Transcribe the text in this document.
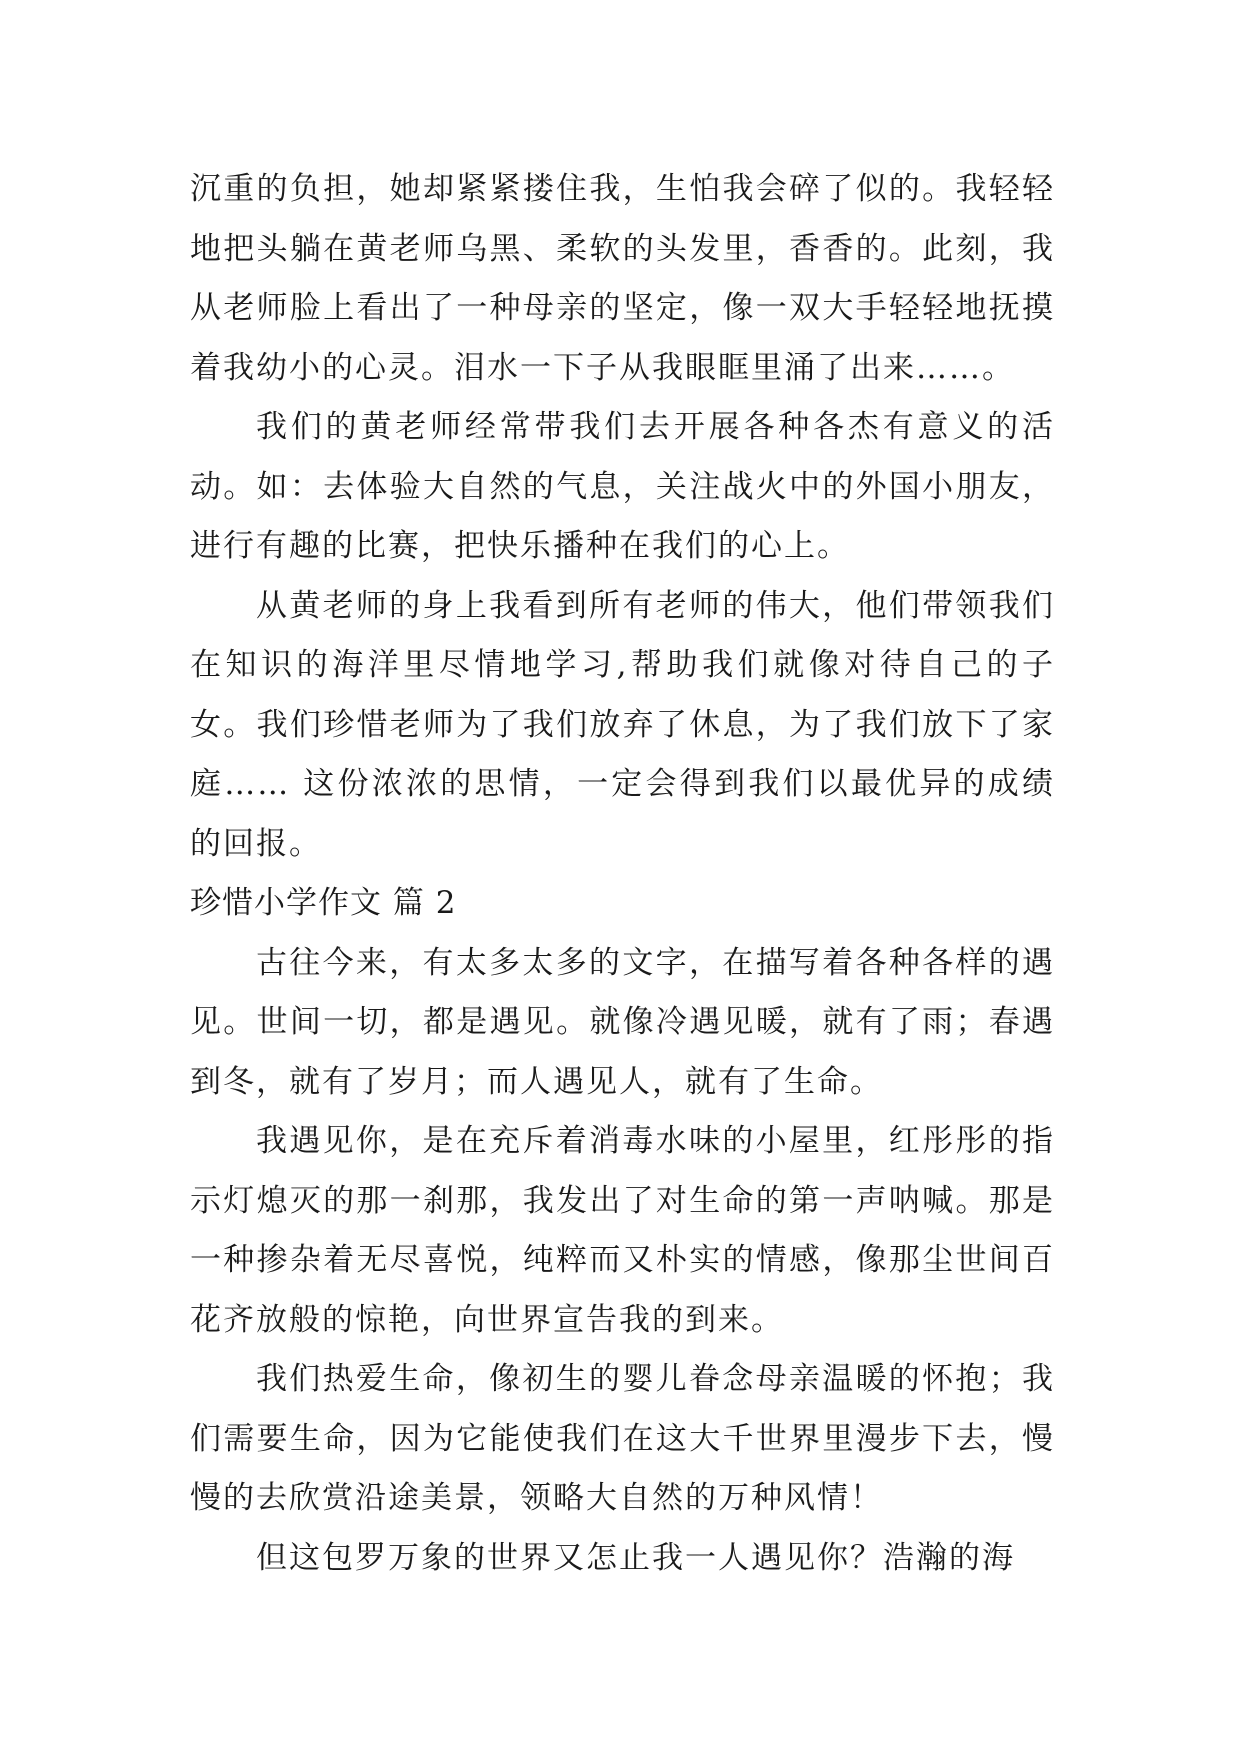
沉重的负担，她却紧紧搂住我，生怕我会碎了似的。我轻轻地把头躺在黄老师乌黑、柔软的头发里，香香的。此刻，我从老师脸上看出了一种母亲的坚定，像一双大手轻轻地抚摸着我幼小的心灵。泪水一下子从我眼眶里涌了出来……。

我们的黄老师经常带我们去开展各种各杰有意义的活动。如：去体验大自然的气息，关注战火中的外国小朋友，进行有趣的比赛，把快乐播种在我们的心上。

从黄老师的身上我看到所有老师的伟大，他们带领我们在知识的海洋里尽情地学习,帮助我们就像对待自己的子女。我们珍惜老师为了我们放弃了休息，为了我们放下了家庭…… 这份浓浓的思情，一定会得到我们以最优异的成绩的回报。

珍惜小学作文 篇 2

古往今来，有太多太多的文字，在描写着各种各样的遇见。世间一切，都是遇见。就像冷遇见暖，就有了雨；春遇到冬，就有了岁月；而人遇见人，就有了生命。

我遇见你，是在充斥着消毒水味的小屋里，红彤彤的指示灯熄灭的那一刹那，我发出了对生命的第一声呐喊。那是一种掺杂着无尽喜悦，纯粹而又朴实的情感，像那尘世间百花齐放般的惊艳，向世界宣告我的到来。

我们热爱生命，像初生的婴儿眷念母亲温暖的怀抱；我们需要生命，因为它能使我们在这大千世界里漫步下去，慢慢的去欣赏沿途美景，领略大自然的万种风情！

但这包罗万象的世界又怎止我一人遇见你？浩瀚的海
